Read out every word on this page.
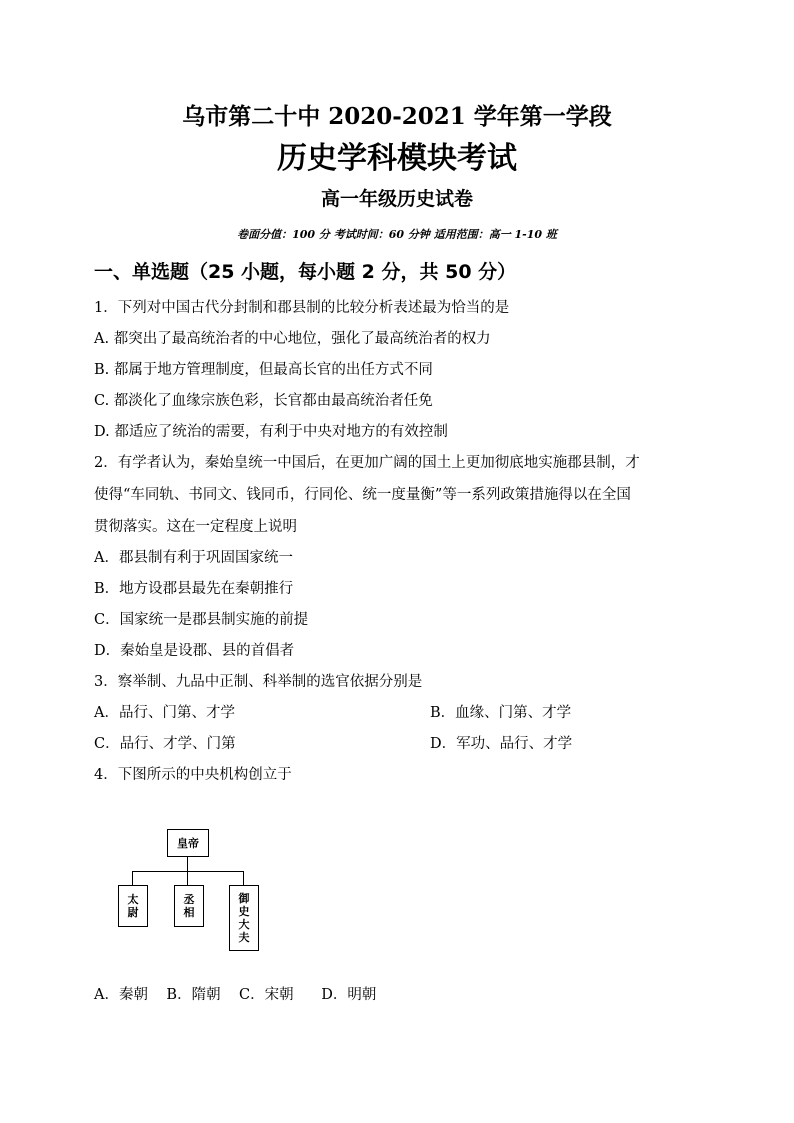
乌市第二十中 2020-2021 学年第一学段
历史学科模块考试
高一年级历史试卷
卷面分值：100 分 考试时间：60 分钟 适用范围：高一 1-10 班
一、单选题（25 小题，每小题 2 分，共 50 分）
1．下列对中国古代分封制和郡县制的比较分析表述最为恰当的是
A. 都突出了最高统治者的中心地位，强化了最高统治者的权力
B. 都属于地方管理制度，但最高长官的出任方式不同
C. 都淡化了血缘宗族色彩，长官都由最高统治者任免
D. 都适应了统治的需要，有利于中央对地方的有效控制
2．有学者认为，秦始皇统一中国后，在更加广阔的国土上更加彻底地实施郡县制，才
使得“车同轨、书同文、钱同币，行同伦、统一度量衡”等一系列政策措施得以在全国
贯彻落实。这在一定程度上说明
A．郡县制有利于巩固国家统一
B．地方设郡县最先在秦朝推行
C．国家统一是郡县制实施的前提
D．秦始皇是设郡、县的首倡者
3．察举制、九品中正制、科举制的选官依据分别是
A．品行、门第、才学	B．血缘、门第、才学
C．品行、才学、门第	D．军功、品行、才学
4．下图所示的中央机构创立于
皇帝
太
尉
丞
相
御
史
大
夫
A．秦朝    B．隋朝    C．宋朝      D．明朝
